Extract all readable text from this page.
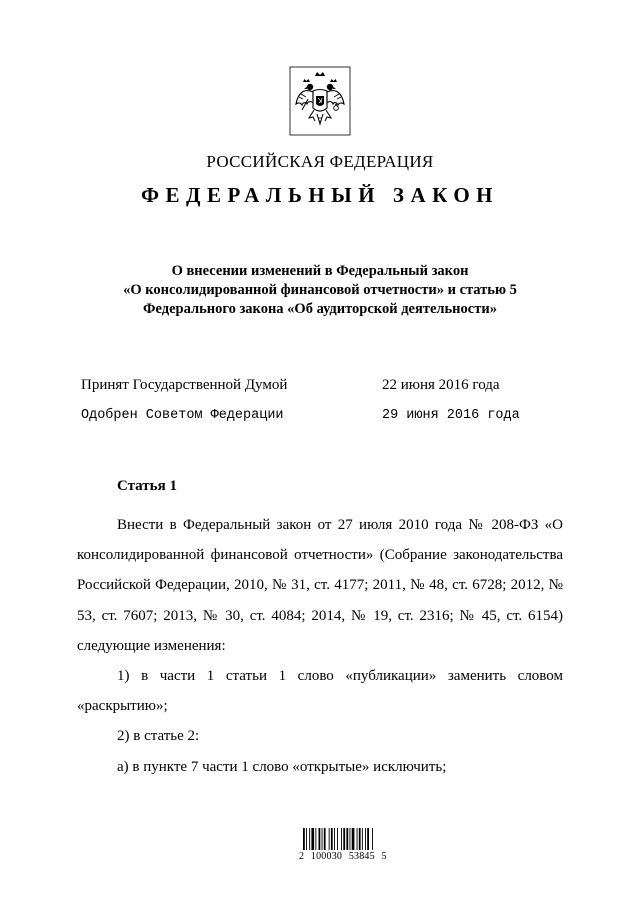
РОССИЙСКАЯ ФЕДЕРАЦИЯ
ФЕДЕРАЛЬНЫЙ ЗАКОН
О внесении изменений в Федеральный закон
«О консолидированной финансовой отчетности» и статью 5
Федерального закона «Об аудиторской деятельности»
Принят Государственной Думой	22 июня 2016 года
Одобрен Советом Федерации	29 июня 2016 года
Статья 1

Внести в Федеральный закон от 27 июля 2010 года № 208-ФЗ «О консолидированной финансовой отчетности» (Собрание законодательства Российской Федерации, 2010, № 31, ст. 4177; 2011, № 48, ст. 6728; 2012, № 53, ст. 7607; 2013, № 30, ст. 4084; 2014, № 19, ст. 2316; № 45, ст. 6154) следующие изменения:

1) в части 1 статьи 1 слово «публикации» заменить словом «раскрытию»;

2) в статье 2:

а) в пункте 7 части 1 слово «открытые» исключить;

2 100030 53845 5
